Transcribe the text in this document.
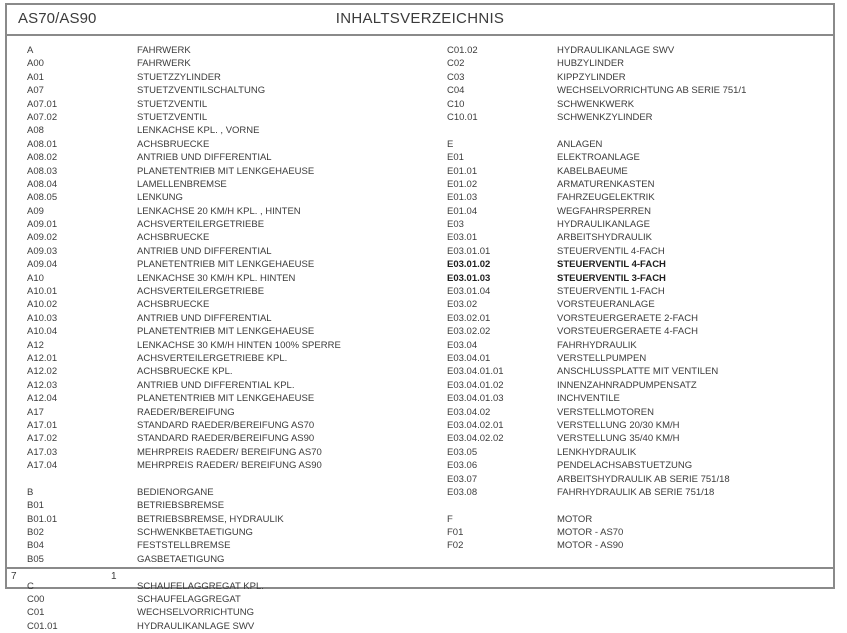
AS70/AS90	INHALTSVERZEICHNIS
A	FAHRWERK
A00	FAHRWERK
A01	STUETZZYLINDER
A07	STUETZVENTILSCHALTUNG
A07.01	STUETZVENTIL
A07.02	STUETZVENTIL
A08	LENKACHSE KPL. , VORNE
A08.01	ACHSBRUECKE
A08.02	ANTRIEB UND DIFFERENTIAL
A08.03	PLANETENTRIEB MIT LENKGEHAEUSE
A08.04	LAMELLENBREMSE
A08.05	LENKUNG
A09	LENKACHSE 20 KM/H KPL. , HINTEN
A09.01	ACHSVERTEILERGETRIEBE
A09.02	ACHSBRUECKE
A09.03	ANTRIEB UND DIFFERENTIAL
A09.04	PLANETENTRIEB MIT LENKGEHAEUSE
A10	LENKACHSE 30 KM/H KPL. HINTEN
A10.01	ACHSVERTEILERGETRIEBE
A10.02	ACHSBRUECKE
A10.03	ANTRIEB UND DIFFERENTIAL
A10.04	PLANETENTRIEB MIT LENKGEHAEUSE
A12	LENKACHSE 30 KM/H HINTEN 100% SPERRE
A12.01	ACHSVERTEILERGETRIEBE KPL.
A12.02	ACHSBRUECKE KPL.
A12.03	ANTRIEB UND DIFFERENTIAL KPL.
A12.04	PLANETENTRIEB MIT LENKGEHAEUSE
A17	RAEDER/BEREIFUNG
A17.01	STANDARD RAEDER/BEREIFUNG AS70
A17.02	STANDARD RAEDER/BEREIFUNG AS90
A17.03	MEHRPREIS RAEDER/ BEREIFUNG AS70
A17.04	MEHRPREIS RAEDER/ BEREIFUNG AS90
B	BEDIENORGANE
B01	BETRIEBSBREMSE
B01.01	BETRIEBSBREMSE, HYDRAULIK
B02	SCHWENKBETAETIGUNG
B04	FESTSTELLBREMSE
B05	GASBETAETIGUNG
C	SCHAUFELAGGREGAT KPL.
C00	SCHAUFELAGGREGAT
C01	WECHSELVORRICHTUNG
C01.01	HYDRAULIKANLAGE SWV
C01.02	HYDRAULIKANLAGE SWV
C02	HUBZYLINDER
C03	KIPPZYLINDER
C04	WECHSELVORRICHTUNG AB SERIE 751/1
C10	SCHWENKWERK
C10.01	SCHWENKZYLINDER
E	ANLAGEN
E01	ELEKTROANLAGE
E01.01	KABELBAEUME
E01.02	ARMATURENKASTEN
E01.03	FAHRZEUGELEKTRIK
E01.04	WEGFAHRSPERREN
E03	HYDRAULIKANLAGE
E03.01	ARBEITSHYDRAULIK
E03.01.01	STEUERVENTIL 4-FACH
E03.01.02	STEUERVENTIL 4-FACH
E03.01.03	STEUERVENTIL 3-FACH
E03.01.04	STEUERVENTIL 1-FACH
E03.02	VORSTEUERANLAGE
E03.02.01	VORSTEUERGERAETE 2-FACH
E03.02.02	VORSTEUERGERAETE 4-FACH
E03.04	FAHRHYDRAULIK
E03.04.01	VERSTELLPUMPEN
E03.04.01.01	ANSCHLUSSPLATTE MIT VENTILEN
E03.04.01.02	INNENZAHNRADPUMPENSATZ
E03.04.01.03	INCHVENTILE
E03.04.02	VERSTELLMOTOREN
E03.04.02.01	VERSTELLUNG 20/30 KM/H
E03.04.02.02	VERSTELLUNG 35/40 KM/H
E03.05	LENKHYDRAULIK
E03.06	PENDELACHSABSTUETZUNG
E03.07	ARBEITSHYDRAULIK AB SERIE 751/18
E03.08	FAHRHYDRAULIK AB SERIE 751/18
F	MOTOR
F01	MOTOR - AS70
F02	MOTOR - AS90
7	1
